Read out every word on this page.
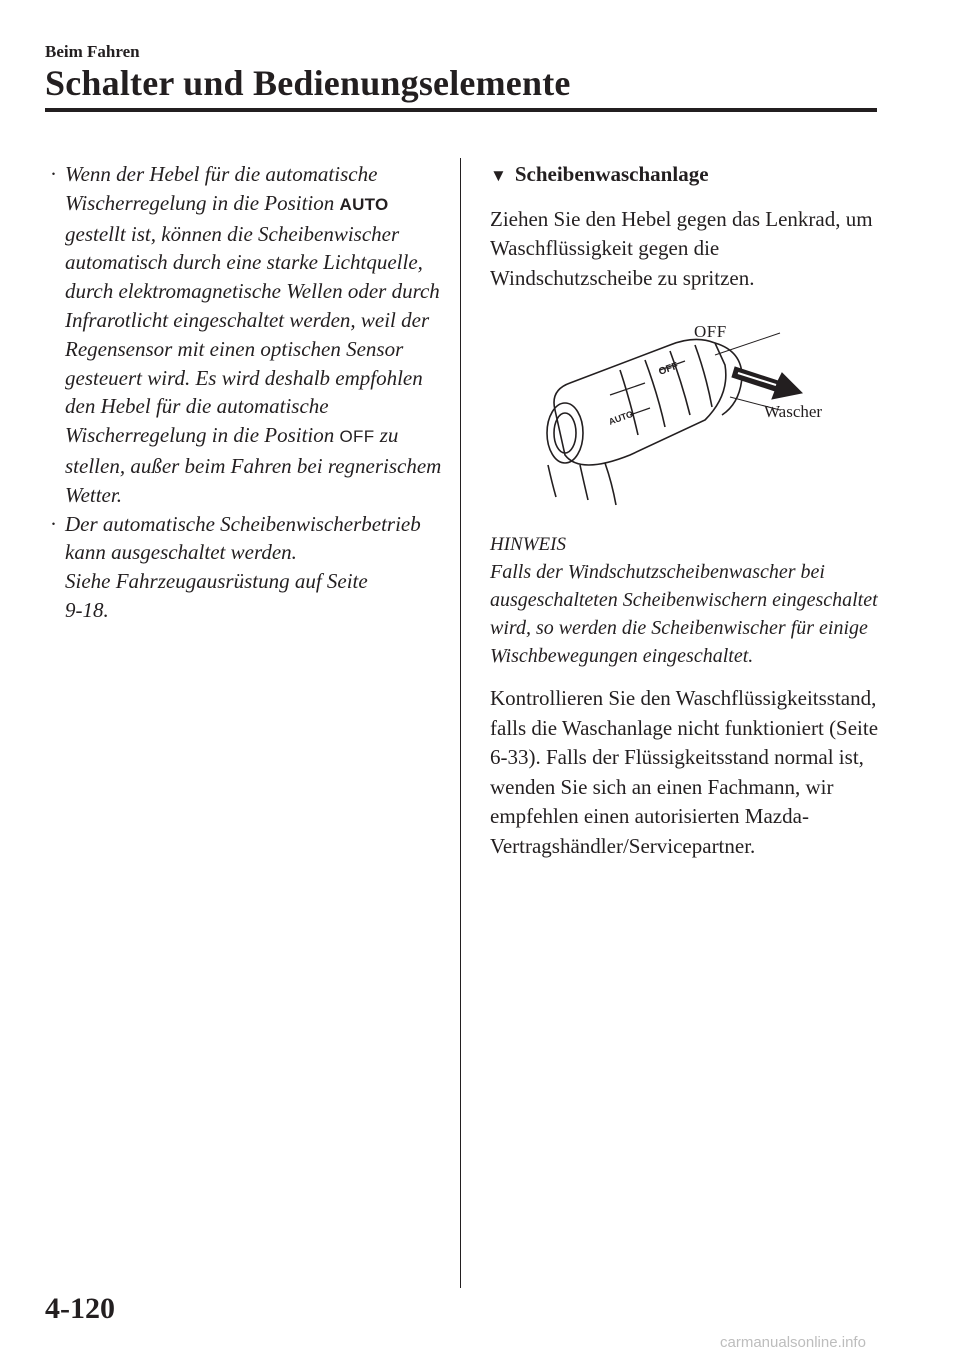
Beim Fahren
Schalter und Bedienungselemente
· Wenn der Hebel für die automatische Wischerregelung in die Position AUTO gestellt ist, können die Scheibenwischer automatisch durch eine starke Lichtquelle, durch elektromagnetische Wellen oder durch Infrarotlicht eingeschaltet werden, weil der Regensensor mit einen optischen Sensor gesteuert wird. Es wird deshalb empfohlen den Hebel für die automatische Wischerregelung in die Position OFF zu stellen, außer beim Fahren bei regnerischem Wetter.
· Der automatische Scheibenwischerbetrieb kann ausgeschaltet werden.
Siehe Fahrzeugausrüstung auf Seite
9-18.
▼ Scheibenwaschanlage

Ziehen Sie den Hebel gegen das Lenkrad, um Waschflüssigkeit gegen die Windschutzscheibe zu spritzen.

OFF
AUTO
OFF
Wascher
HINWEIS
Falls der Windschutzscheibenwascher bei ausgeschalteten Scheibenwischern eingeschaltet wird, so werden die Scheibenwischer für einige Wischbewegungen eingeschaltet.

Kontrollieren Sie den Waschflüssigkeitsstand, falls die Waschanlage nicht funktioniert (Seite 6-33). Falls der Flüssigkeitsstand normal ist, wenden Sie sich an einen Fachmann, wir empfehlen einen autorisierten Mazda-Vertragshändler/Servicepartner.

4-120
carmanualsonline.info
